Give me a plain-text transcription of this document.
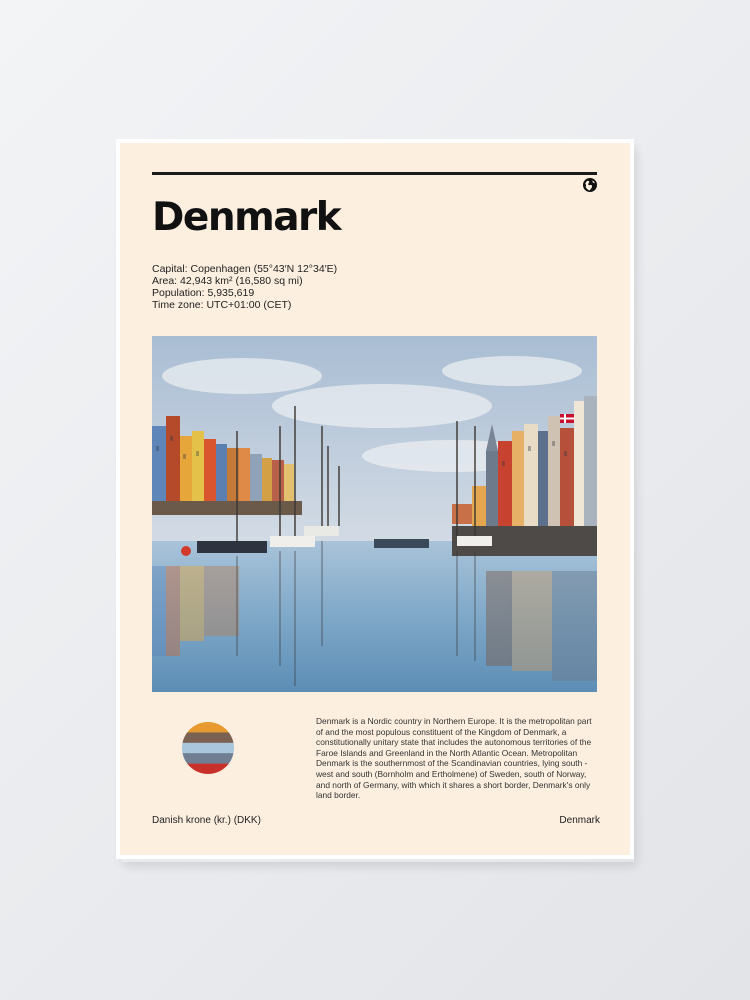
Denmark
Capital: Copenhagen (55°43′N 12°34′E)
Area: 42,943 km² (16,580 sq mi)
Population: 5,935,619
Time zone: UTC+01:00 (CET)

Denmark is a Nordic country in Northern Europe. It is the metropolitan part of and the most populous constituent of the Kingdom of Denmark, a constitutionally unitary state that includes the autonomous territories of the Faroe Islands and Greenland in the North Atlantic Ocean. Metropolitan Denmark is the southernmost of the Scandinavian countries, lying south -west and south (Bornholm and Ertholmene) of Sweden, south of Norway, and north of Germany, with which it shares a short border, Denmark's only land border.

Danish krone (kr.) (DKK)	Denmark
